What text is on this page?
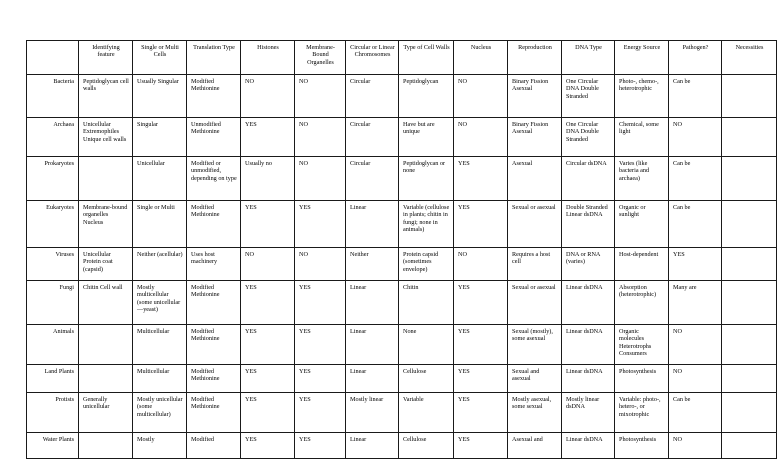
	Identifying feature	Single or Multi Cells	Translation Type	Histones	Membrane-Bound Organelles	Circular or Linear Chromosomes	Type of Cell Walls	Nucleus	Reproduction	DNA Type	Energy Source	Pathogen?	Necessities
Bacteria	Peptidoglycan cell walls	Usually Singular	Modified Methionine	NO	NO	Circular	Peptidoglycan	NO	Binary Fission Asexual	One Circular DNA Double Stranded	Photo-, chemo-, heterotrophic	Can be	
Archaea	Unicellular Extremophiles Unique cell walls	Singular	Unmodified Methionine	YES	NO	Circular	Have but are unique	NO	Binary Fission Asexual	One Circular DNA Double Stranded	Chemical, some light	NO	
Prokaryotes		Unicellular	Modified or unmodified, depending on type	Usually no	NO	Circular	Peptidoglycan or none	YES	Asexual	Circular dsDNA	Varies (like bacteria and archaea)	Can be	
Eukaryotes	Membrane-bound organelles Nucleus	Single or Multi	Modified Methionine	YES	YES	Linear	Variable (cellulose in plants; chitin in fungi; none in animals)	YES	Sexual or asexual	Double Stranded Linear dsDNA	Organic or sunlight	Can be	
Viruses	Unicellular Protein coat (capsid)	Neither (acellular)	Uses host machinery	NO	NO	Neither	Protein capsid (sometimes envelope)	NO	Requires a host cell	DNA or RNA (varies)	Host-dependent	YES	
Fungi	Chitin Cell wall	Mostly multicellular (some unicellular—yeast)	Modified Methionine	YES	YES	Linear	Chitin	YES	Sexual or asexual	Linear dsDNA	Absorption (heterotrophic)	Many are	
Animals		Multicellular	Modified Methionine	YES	YES	Linear	None	YES	Sexual (mostly), some asexual	Linear dsDNA	Organic molecules Heterotrophs Consumers	NO	
Land Plants		Multicellular	Modified Methionine	YES	YES	Linear	Cellulose	YES	Sexual and asexual	Linear dsDNA	Photosynthesis	NO	
Protists	Generally unicellular	Mostly unicellular (some multicellular)	Modified Methionine	YES	YES	Mostly linear	Variable	YES	Mostly asexual, some sexual	Mostly linear dsDNA	Variable: photo-, hetero-, or mixotrophic	Can be	
Water Plants		Mostly	Modified	YES	YES	Linear	Cellulose	YES	Asexual and	Linear dsDNA	Photosynthesis	NO	
